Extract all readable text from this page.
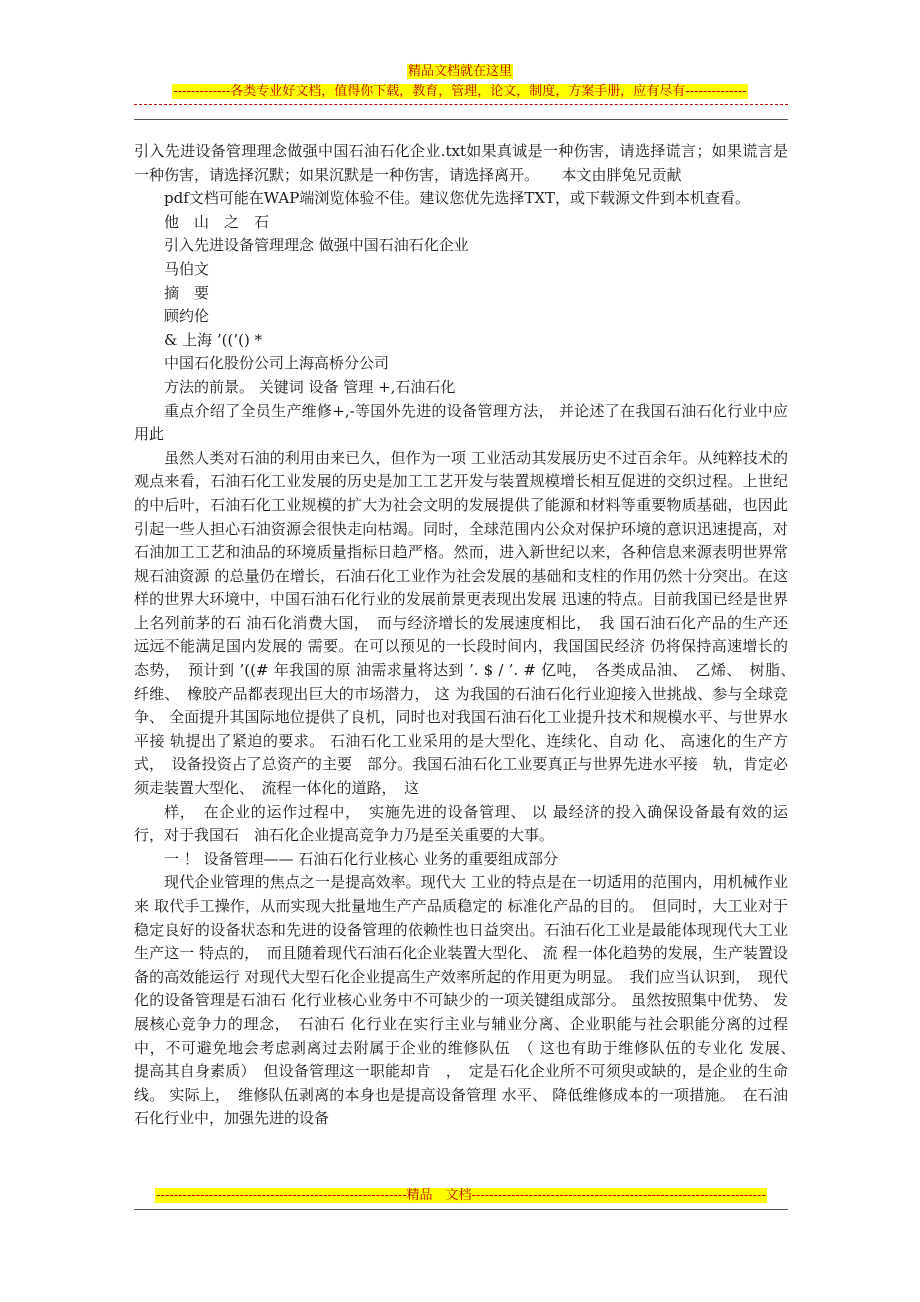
精品文档就在这里
-------------各类专业好文档，值得你下载，教育，管理，论文，制度，方案手册，应有尽有--------------

引入先进设备管理理念做强中国石油石化企业.txt如果真诚是一种伤害，请选择谎言；如果谎言是一种伤害，请选择沉默；如果沉默是一种伤害，请选择离开。　　本文由胖兔兄贡献

pdf文档可能在WAP端浏览体验不佳。建议您优先选择TXT，或下载源文件到本机查看。

他　山　之　石

引入先进设备管理理念 做强中国石油石化企业

马伯文

摘　要

顾约伦

& 上海 ’((’() *

中国石化股份公司上海高桥分公司

方法的前景。 关键词 设备 管理 +,石油石化

重点介绍了全员生产维修+,-等国外先进的设备管理方法， 并论述了在我国石油石化行业中应用此

虽然人类对石油的利用由来已久，但作为一项 工业活动其发展历史不过百余年。从纯粹技术的观点来看，石油石化工业发展的历史是加工工艺开发与装置规模增长相互促进的交织过程。上世纪的中后叶，石油石化工业规模的扩大为社会文明的发展提供了能源和材料等重要物质基础，也因此引起一些人担心石油资源会很快走向枯竭。同时，全球范围内公众对保护环境的意识迅速提高，对石油加工工艺和油品的环境质量指标日趋严格。然而，进入新世纪以来，各种信息来源表明世界常规石油资源 的总量仍在增长，石油石化工业作为社会发展的基础和支柱的作用仍然十分突出。在这样的世界大环境中，中国石油石化行业的发展前景更表现出发展 迅速的特点。目前我国已经是世界上名列前茅的石 油石化消费大国，　而与经济增长的发展速度相比，　我 国石油石化产品的生产还远远不能满足国内发展的 需要。在可以预见的一长段时间内，我国国民经济 仍将保持高速增长的态势，　预计到 ’((# 年我国的原 油需求量将达到 ’. $ / ’. # 亿吨，　各类成品油、　乙烯、　树脂、　纤维、　橡胶产品都表现出巨大的市场潜力， 这 为我国的石油石化行业迎接入世挑战、参与全球竞 争、 全面提升其国际地位提供了良机，同时也对我国石油石化工业提升技术和规模水平、与世界水平接 轨提出了紧迫的要求。 石油石化工业采用的是大型化、连续化、自动 化、 高速化的生产方式，　设备投资占了总资产的主要　部分。我国石油石化工业要真正与世界先进水平接　轨，肯定必须走装置大型化、　流程一体化的道路，　这

样，　在企业的运作过程中，　实施先进的设备管理、 以 最经济的投入确保设备最有效的运行，对于我国石　油石化企业提高竞争力乃是至关重要的大事。

一 ！ 设备管理—— 石油石化行业核心 业务的重要组成部分

现代企业管理的焦点之一是提高效率。现代大 工业的特点是在一切适用的范围内，用机械作业来 取代手工操作，从而实现大批量地生产产品质稳定的 标准化产品的目的。　但同时，大工业对于稳定良好的设备状态和先进的设备管理的依赖性也日益突出。石油石化工业是最能体现现代大工业生产这一 特点的，　而且随着现代石油石化企业装置大型化、 流 程一体化趋势的发展，生产装置设备的高效能运行 对现代大型石化企业提高生产效率所起的作用更为明显。　我们应当认识到，　现代化的设备管理是石油石 化行业核心业务中不可缺少的一项关键组成部分。 虽然按照集中优势、 发展核心竞争力的理念，　石油石 化行业在实行主业与辅业分离、企业职能与社会职能分离的过程中，不可避免地会考虑剥离过去附属于企业的维修队伍　（ 这也有助于维修队伍的专业化 发展、　提高其自身素质）　但设备管理这一职能却肯　，　定是石化企业所不可须臾或缺的，是企业的生命 线。 实际上，　维修队伍剥离的本身也是提高设备管理 水平、 降低维修成本的一项措施。　在石油石化行业中，加强先进的设备

---------------------------------------------------------精品　文档-------------------------------------------------------------------
